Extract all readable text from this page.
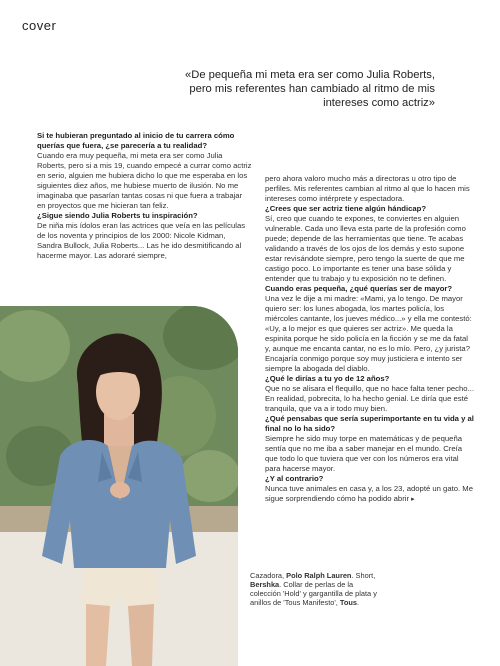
cover
«De pequeña mi meta era ser como Julia Roberts, pero mis referentes han cambiado al ritmo de mis intereses como actriz»

Si te hubieran preguntado al inicio de tu carrera cómo querías que fuera, ¿se parecería a tu realidad?

Cuando era muy pequeña, mi meta era ser como Julia Roberts, pero si a mis 19, cuando empecé a currar como actriz en serio, alguien me hubiera dicho lo que me esperaba en los siguientes diez años, me hubiese muerto de ilusión. No me imaginaba que pasarían tantas cosas ni que fuera a trabajar en proyectos que me hicieran tan feliz.

¿Sigue siendo Julia Roberts tu inspiración?

De niña mis ídolos eran las actrices que veía en las películas de los noventa y principios de los 2000: Nicole Kidman, Sandra Bullock, Julia Roberts... Las he ido desmitificando al hacerme mayor. Las adoraré siempre,

pero ahora valoro mucho más a directoras u otro tipo de perfiles. Mis referentes cambian al ritmo al que lo hacen mis intereses como intérprete y espectadora.

¿Crees que ser actriz tiene algún hándicap?

Sí, creo que cuando te expones, te conviertes en alguien vulnerable. Cada uno lleva esta parte de la profesión como puede; depende de las herramientas que tiene. Te acabas validando a través de los ojos de los demás y esto supone estar revisándote siempre, pero tengo la suerte de que me castigo poco. Lo importante es tener una base sólida y entender que tu trabajo y tu exposición no te definen.

Cuando eras pequeña, ¿qué querías ser de mayor?

Una vez le dije a mi madre: «Mami, ya lo tengo. De mayor quiero ser: los lunes abogada, los martes policía, los miércoles cantante, los jueves médico...» y ella me contestó: «Uy, a lo mejor es que quieres ser actriz». Me queda la espinita porque he sido policía en la ficción y se me da fatal y, aunque me encanta cantar, no es lo mío. Pero, ¿y jurista? Encajaría conmigo porque soy muy justiciera e intento ser siempre la abogada del diablo.

¿Qué le dirías a tu yo de 12 años?

Que no se alisara el flequillo, que no hace falta tener pecho... En realidad, pobrecita, lo ha hecho genial. Le diría que esté tranquila, que va a ir todo muy bien.

¿Qué pensabas que sería superimportante en tu vida y al final no lo ha sido?

Siempre he sido muy torpe en matemáticas y de pequeña sentía que no me iba a saber manejar en el mundo. Creía que todo lo que tuviera que ver con los números era vital para hacerse mayor.

¿Y al contrario?

Nunca tuve animales en casa y, a los 23, adopté un gato. Me sigue sorprendiendo cómo ha podido abrir ▸

Cazadora, Polo Ralph Lauren. Short, Bershka. Collar de perlas de la colección 'Hold' y gargantilla de plata y anillos de 'Tous Manifesto', Tous.
